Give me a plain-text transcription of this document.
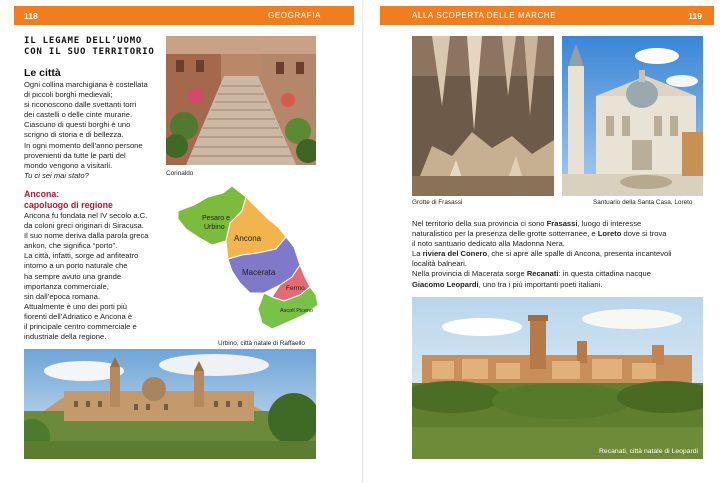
118	GEOGRAFIA
IL LEGAME DELL’UOMO CON IL SUO TERRITORIO
Le città
Ogni collina marchigiana è costellata
di piccoli borghi medievali;
si riconoscono dalle svettanti torri
dei castelli o delle cinte murarie.
Ciascuno di questi borghi è uno
scrigno di storia e di bellezza.
In ogni momento dell’anno persone
provenienti da tutte le parti del
mondo vengono a visitarli.
Tu ci sei mai stato?
Ancona:
capoluogo di regione
Ancona fu fondata nel IV secolo a.C.
da coloni greci originari di Siracusa.
Il suo nome deriva dalla parola greca
ankon, che significa “porto”.
La città, infatti, sorge ad anfiteatro
intorno a un porto naturale che
ha sempre avuto una grande
importanza commerciale,
sin dall’epoca romana.
Attualmente è uno dei porti più
fiorenti dell’Adriatico e Ancona è
il principale centro commerciale e
industriale della regione.
Corinaldo
Pesaro e
Urbino
Ancona
Macerata
Fermo
Ascoli Piceno
Urbino, città natale di Raffaello
ALLA SCOPERTA DELLE MARCHE	119
Grotte di Frasassi	Santuario della Santa Casa, Loreto
Nel territorio della sua provincia ci sono Frasassi, luogo di interesse
naturalistico per la presenza delle grotte sotterranee, e Loreto dove si trova
il noto santuario dedicato alla Madonna Nera.
La riviera del Conero, che si apre alle spalle di Ancona, presenta incantevoli
località balneari.
Nella provincia di Macerata sorge Recanati: in questa cittadina nacque
Giacomo Leopardi, uno tra i più importanti poeti italiani.
Recanati, città natale di Leopardi
